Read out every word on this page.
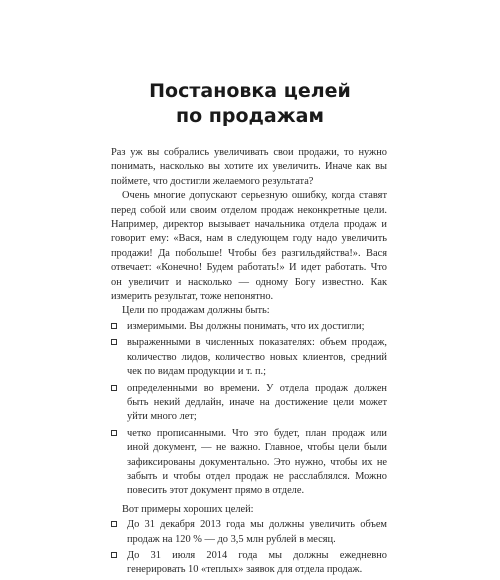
Постановка целей
по продажам

Раз уж вы собрались увеличивать свои продажи, то нужно понимать, насколько вы хотите их увеличить. Иначе как вы поймете, что достигли желаемого результата?

Очень многие допускают серьезную ошибку, когда ставят перед собой или своим отделом продаж неконкретные цели. Например, директор вызывает начальника отдела продаж и говорит ему: «Вася, нам в следующем году надо увеличить продажи! Да побольше! Чтобы без разгильдяйства!». Вася отвечает: «Конечно! Будем работать!» И идет работать. Что он увеличит и насколько — одному Богу известно. Как измерить результат, тоже непонятно.

Цели по продажам должны быть:

измеримыми. Вы должны понимать, что их достигли;
выраженными в численных показателях: объем продаж, количество лидов, количество новых клиентов, средний чек по видам продукции и т. п.;
определенными во времени. У отдела продаж должен быть некий дедлайн, иначе на достижение цели может уйти много лет;
четко прописанными. Что это будет, план продаж или иной документ, — не важно. Главное, чтобы цели были зафиксированы документально. Это нужно, чтобы их не забыть и чтобы отдел продаж не расслаблялся. Можно повесить этот документ прямо в отделе.

Вот примеры хороших целей:

До 31 декабря 2013 года мы должны увеличить объем продаж на 120 % — до 3,5 млн рублей в месяц.
До 31 июля 2014 года мы должны ежедневно генерировать 10 «теплых» заявок для отдела продаж.
